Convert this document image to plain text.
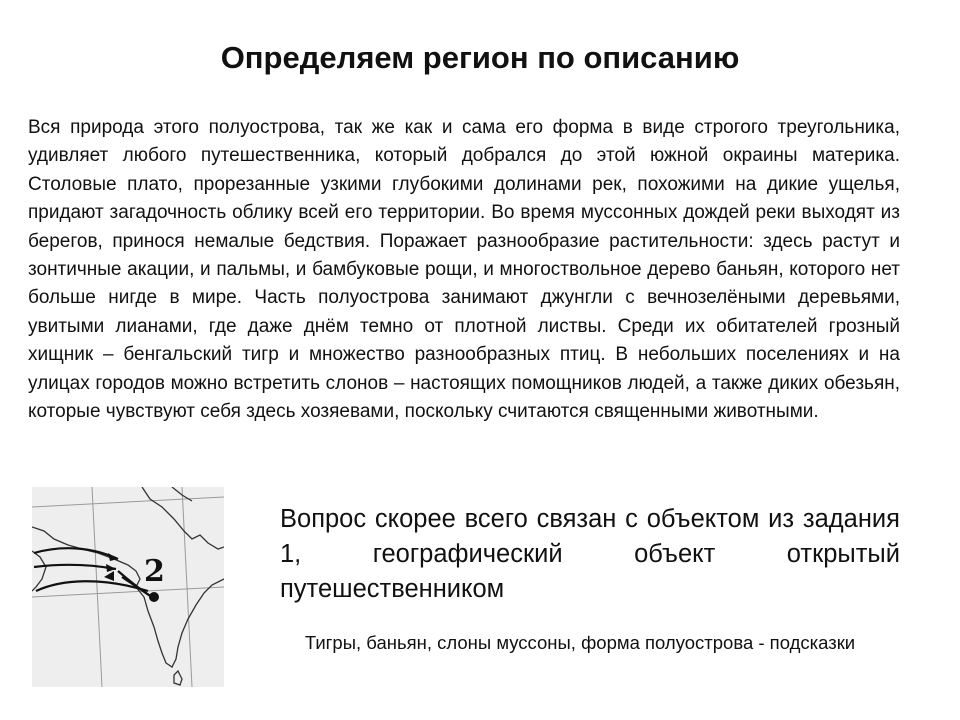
Определяем регион по описанию
Вся природа этого полуострова, так же как и сама его форма в виде строгого треугольника, удивляет любого путешественника, который добрался до этой южной окраины материка. Столовые плато, прорезанные узкими глубокими долинами рек, похожими на дикие ущелья, придают загадочность облику всей его территории. Во время муссонных дождей реки выходят из берегов, принося немалые бедствия. Поражает разнообразие растительности: здесь растут и зонтичные акации, и пальмы, и бамбуковые рощи, и многоствольное дерево баньян, которого нет больше нигде в мире. Часть полуострова занимают джунгли с вечнозелёными деревьями, увитыми лианами, где даже днём темно от плотной листвы. Среди их обитателей грозный хищник – бенгальский тигр и множество разнообразных птиц. В небольших поселениях и на улицах городов можно встретить слонов – настоящих помощников людей, а также диких обезьян, которые чувствуют себя здесь хозяевами, поскольку считаются священными животными.
2
Вопрос скорее всего связан с объектом из задания 1, географический объект открытый путешественником
Тигры, баньян, слоны муссоны, форма полуострова - подсказки
